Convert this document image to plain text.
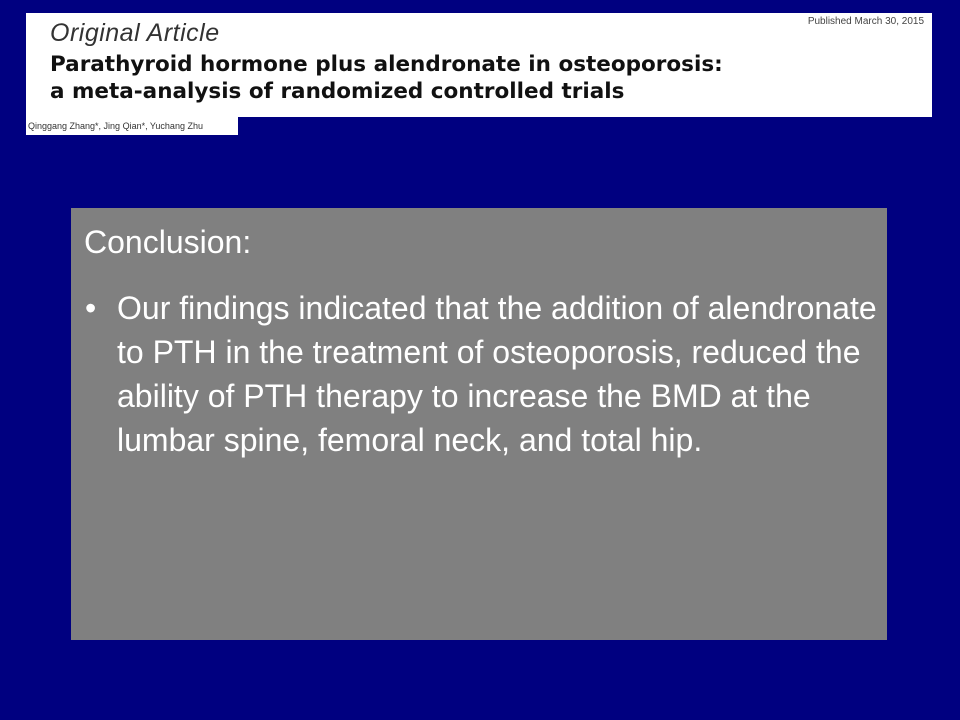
Original Article	Published March 30, 2015
Parathyroid hormone plus alendronate in osteoporosis:
a meta-analysis of randomized controlled trials
Qinggang Zhang*, Jing Qian*, Yuchang Zhu
Conclusion:
• Our findings indicated that the addition of alendronate to PTH in the treatment of osteoporosis, reduced the ability of PTH therapy to increase the BMD at the lumbar spine, femoral neck, and total hip.
